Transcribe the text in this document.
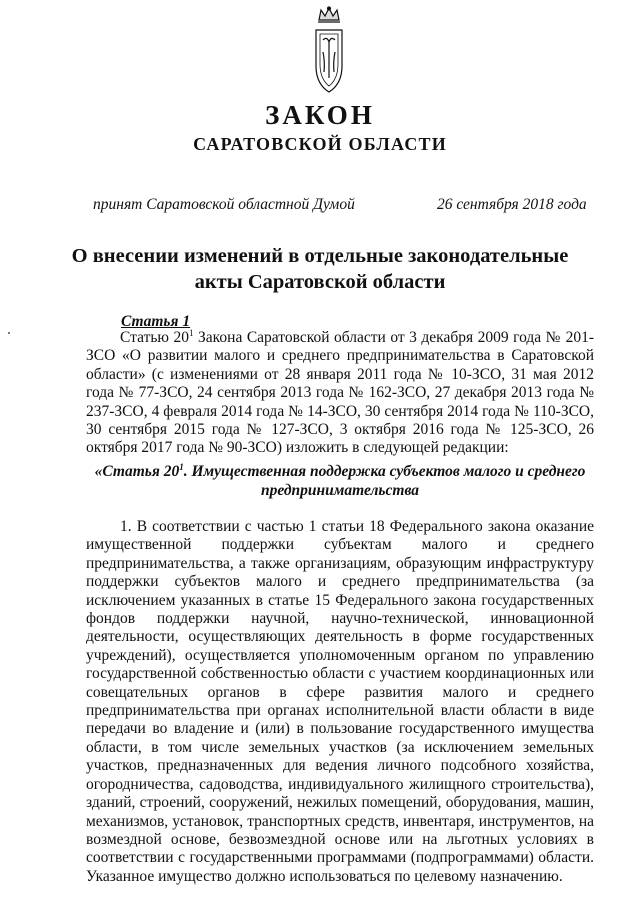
ЗАКОН
САРАТОВСКОЙ ОБЛАСТИ
принят Саратовской областной Думой	26 сентября 2018 года
О внесении изменений в отдельные законодательные
акты Саратовской области
Статья 1
Статью $20^1$ Закона Саратовской области от 3 декабря 2009 года № 201-ЗСО «О развитии малого и среднего предпринимательства в Саратовской области» (с изменениями от 28 января 2011 года № 10-ЗСО, 31 мая 2012 года № 77-ЗСО, 24 сентября 2013 года № 162-ЗСО, 27 декабря 2013 года № 237-ЗСО, 4 февраля 2014 года № 14-ЗСО, 30 сентября 2014 года № 110-ЗСО, 30 сентября 2015 года № 127-ЗСО, 3 октября 2016 года № 125-ЗСО, 26 октября 2017 года № 90-ЗСО) изложить в следующей редакции:
«Статья $20^1$. Имущественная поддержка субъектов малого и среднего предпринимательства
1. В соответствии с частью 1 статьи 18 Федерального закона оказание имущественной поддержки субъектам малого и среднего предпринимательства, а также организациям, образующим инфраструктуру поддержки субъектов малого и среднего предпринимательства (за исключением указанных в статье 15 Федерального закона государственных фондов поддержки научной, научно-технической, инновационной деятельности, осуществляющих деятельность в форме государственных учреждений), осуществляется уполномоченным органом по управлению государственной собственностью области с участием координационных или совещательных органов в сфере развития малого и среднего предпринимательства при органах исполнительной власти области в виде передачи во владение и (или) в пользование государственного имущества области, в том числе земельных участков (за исключением земельных участков, предназначенных для ведения личного подсобного хозяйства, огородничества, садоводства, индивидуального жилищного строительства), зданий, строений, сооружений, нежилых помещений, оборудования, машин, механизмов, установок, транспортных средств, инвентаря, инструментов, на возмездной основе, безвозмездной основе или на льготных условиях в соответствии с государственными программами (подпрограммами) области. Указанное имущество должно использоваться по целевому назначению.
